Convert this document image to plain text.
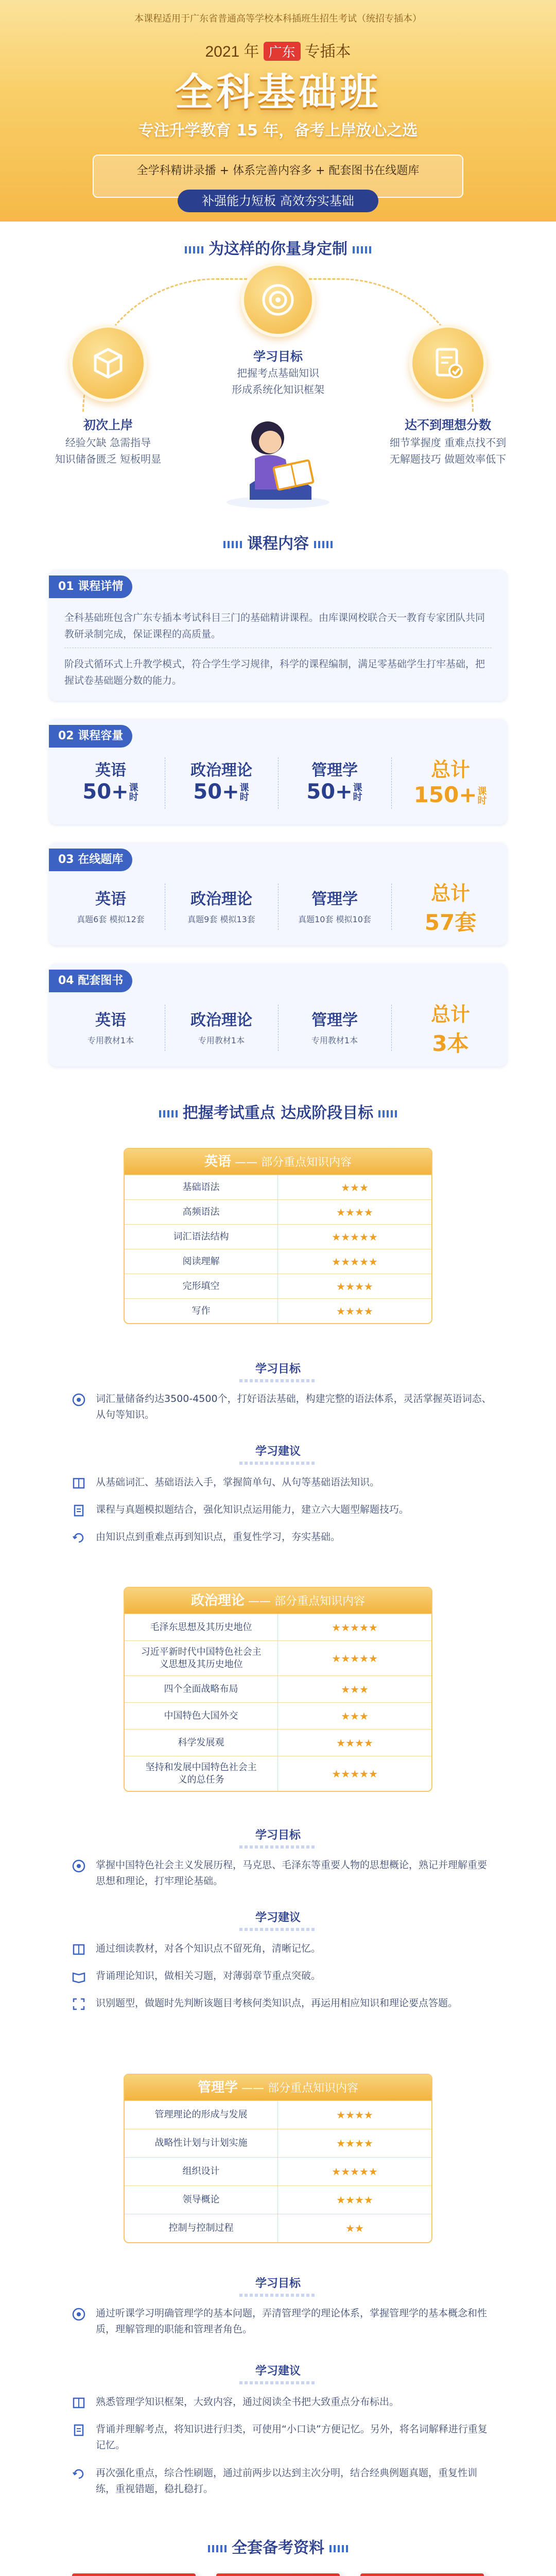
本课程适用于广东省普通高等学校本科插班生招生考试（统招专插本）
2021 年 广东 专插本
全科基础班
专注升学教育 15 年，备考上岸放心之选
全学科精讲录播 + 体系完善内容多 + 配套图书在线题库
补强能力短板 高效夯实基础
为这样的你量身定制
学习目标
把握考点基础知识
形成系统化知识框架
初次上岸
经验欠缺 急需指导
知识储备匮乏 短板明显
达不到理想分数
细节掌握度 重难点找不到
无解题技巧 做题效率低下
课程内容
01 课程详情
全科基础班包含广东专插本考试科目三门的基础精讲课程。由库课网校联合天一教育专家团队共同教研录制完成，保证课程的高质量。
阶段式循环式上升教学模式，符合学生学习规律，科学的课程编制，满足零基础学生打牢基础，把握试卷基础题分数的能力。
02 课程容量
英语
50+课时
政治理论
50+课时
管理学
50+课时
总计
150+课时
03 在线题库
英语
真题6套 模拟12套
政治理论
真题9套 模拟13套
管理学
真题10套 模拟10套
总计
57套
04 配套图书
英语
专用教材1本
政治理论
专用教材1本
管理学
专用教材1本
总计
3本
把握考试重点 达成阶段目标
英语 —— 部分重点知识内容
基础语法	★★★
高频语法	★★★★
词汇语法结构	★★★★★
阅读理解	★★★★★
完形填空	★★★★
写作	★★★★
学习目标
词汇量储备约达3500-4500个，打好语法基础，构建完整的语法体系，灵活掌握英语词态、从句等知识。
学习建议
从基础词汇、基础语法入手，掌握简单句、从句等基础语法知识。
课程与真题模拟题结合，强化知识点运用能力，建立六大题型解题技巧。
由知识点到重难点再到知识点，重复性学习，夯实基础。
政治理论 —— 部分重点知识内容
毛泽东思想及其历史地位	★★★★★
习近平新时代中国特色社会主义思想及其历史地位	★★★★★
四个全面战略布局	★★★
中国特色大国外交	★★★
科学发展观	★★★★
坚持和发展中国特色社会主义的总任务	★★★★★
学习目标
掌握中国特色社会主义发展历程，马克思、毛泽东等重要人物的思想概论，熟记并理解重要思想和理论，打牢理论基础。
学习建议
通过细读教材，对各个知识点不留死角，清晰记忆。
背诵理论知识，做相关习题，对薄弱章节重点突破。
识别题型，做题时先判断该题目考核何类知识点，再运用相应知识和理论要点答题。
管理学 —— 部分重点知识内容
管理理论的形成与发展	★★★★
战略性计划与计划实施	★★★★
组织设计	★★★★★
领导概论	★★★★
控制与控制过程	★★
学习目标
通过听课学习明确管理学的基本问题，弄清管理学的理论体系，掌握管理学的基本概念和性质，理解管理的职能和管理者角色。
学习建议
熟悉管理学知识框架，大致内容，通过阅读全书把大致重点分布标出。
背诵并理解考点，将知识进行归类，可使用“小口诀”方便记忆。另外，将名词解释进行重复记忆。
再次强化重点，综合性刷题，通过前两步以达到主次分明，结合经典例题真题，重复性训练，重视错题，稳扎稳打。
全套备考资料
